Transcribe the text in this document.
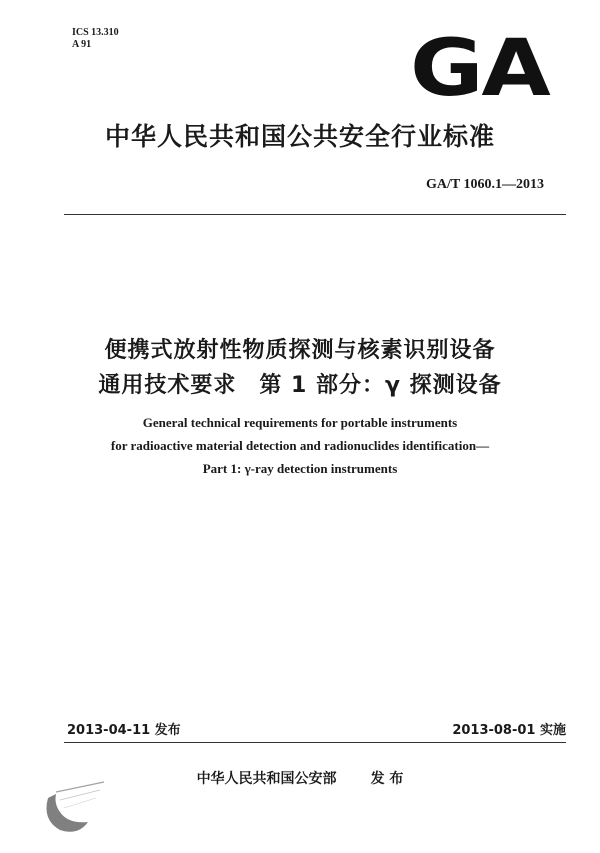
ICS 13.310
A 91	GA
中华人民共和国公共安全行业标准
GA/T 1060.1—2013
便携式放射性物质探测与核素识别设备
通用技术要求　第 1 部分：γ 探测设备
General technical requirements for portable instruments
for radioactive material detection and radionuclides identification—
Part 1: γ-ray detection instruments
2013-04-11 发布	2013-08-01 实施
中华人民共和国公安部 发 布
